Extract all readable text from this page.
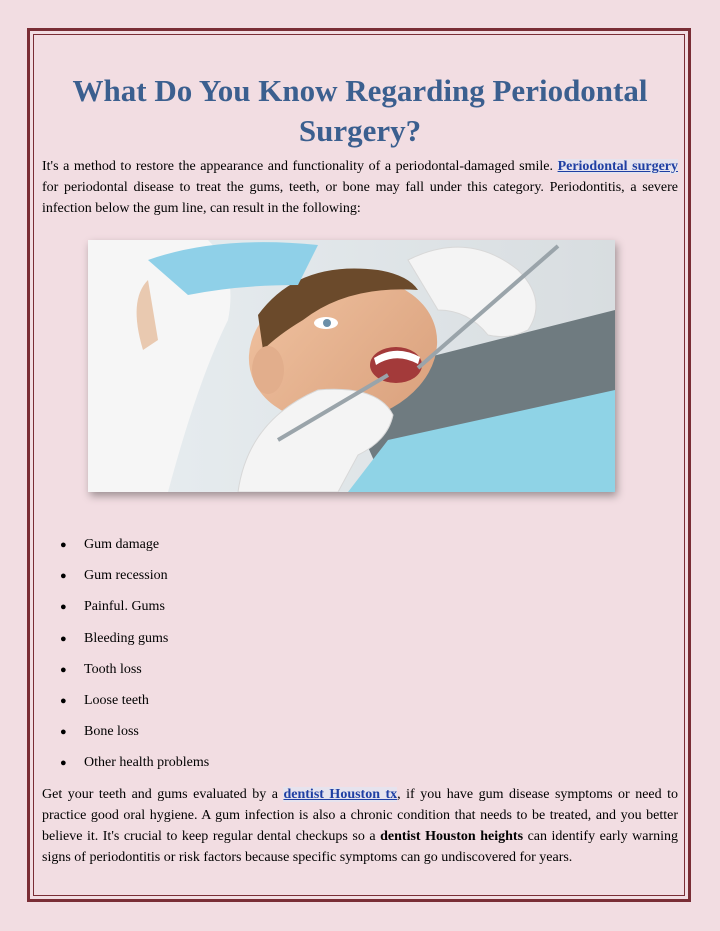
What Do You Know Regarding Periodontal Surgery?

It's a method to restore the appearance and functionality of a periodontal-damaged smile. Periodontal surgery for periodontal disease to treat the gums, teeth, or bone may fall under this category. Periodontitis, a severe infection below the gum line, can result in the following:

● Gum damage
● Gum recession
● Painful. Gums
● Bleeding gums
● Tooth loss
● Loose teeth
● Bone loss
● Other health problems

Get your teeth and gums evaluated by a dentist Houston tx, if you have gum disease symptoms or need to practice good oral hygiene. A gum infection is also a chronic condition that needs to be treated, and you better believe it. It's crucial to keep regular dental checkups so a dentist Houston heights can identify early warning signs of periodontitis or risk factors because specific symptoms can go undiscovered for years.
